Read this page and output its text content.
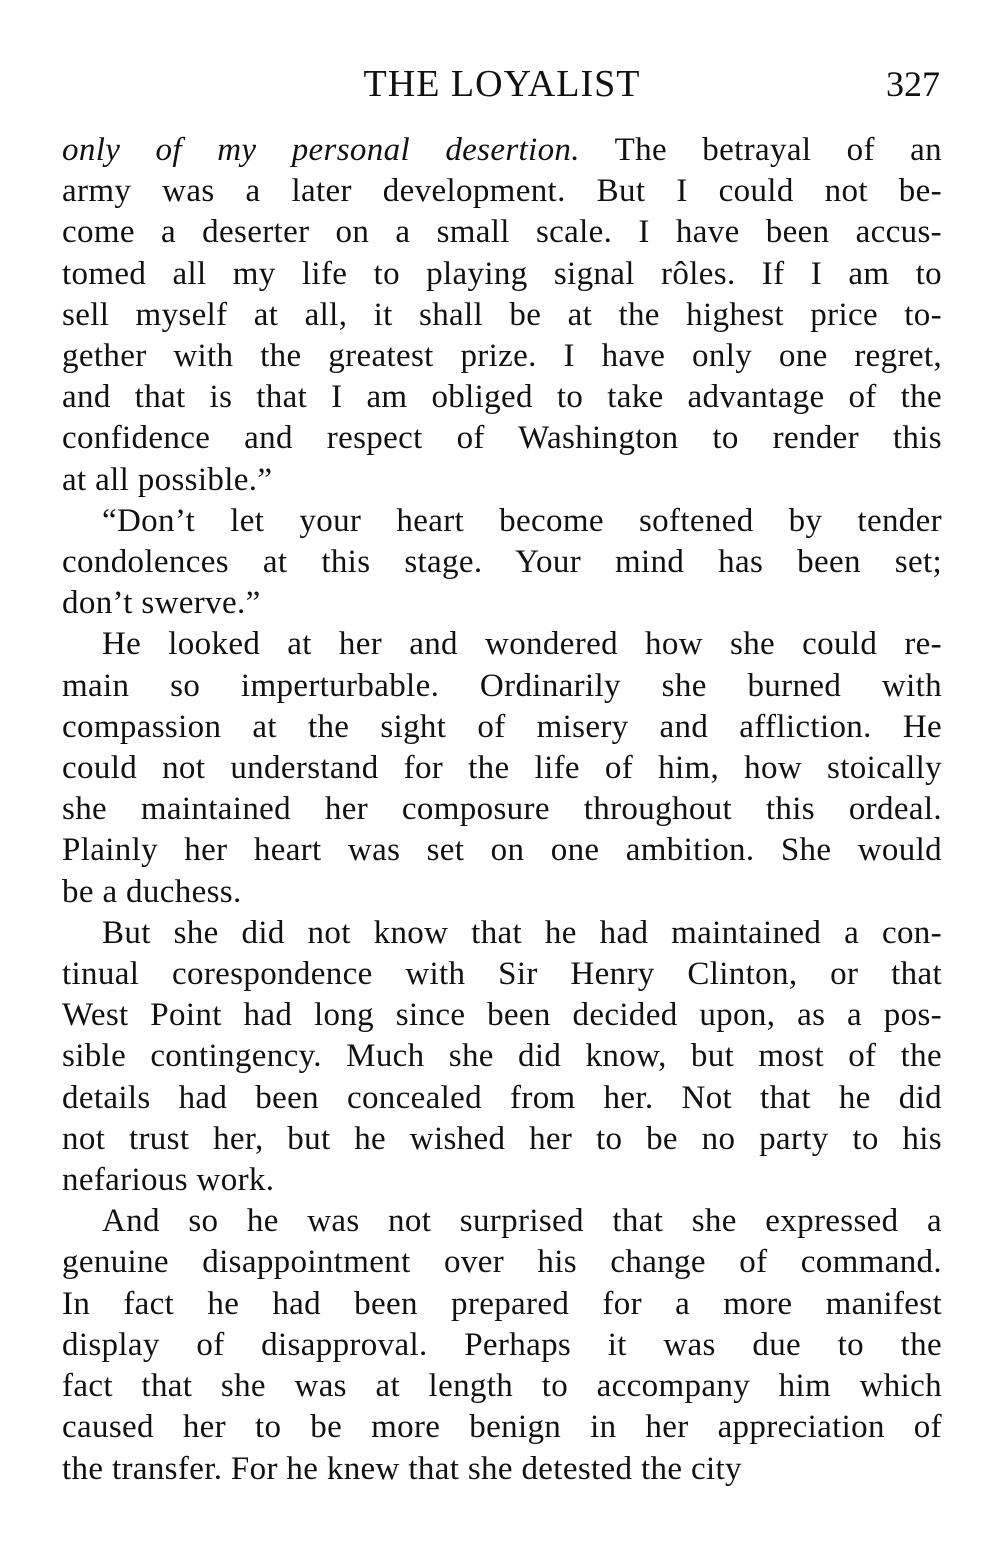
THE LOYALIST	327

only of my personal desertion. The betrayal of an
army was a later development. But I could not be-
come a deserter on a small scale. I have been accus-
tomed all my life to playing signal rôles. If I am to
sell myself at all, it shall be at the highest price to-
gether with the greatest prize. I have only one regret,
and that is that I am obliged to take advantage of the
confidence and respect of Washington to render this
at all possible.”

“Don’t let your heart become softened by tender
condolences at this stage. Your mind has been set;
don’t swerve.”

He looked at her and wondered how she could re-
main so imperturbable. Ordinarily she burned with
compassion at the sight of misery and affliction. He
could not understand for the life of him, how stoically
she maintained her composure throughout this ordeal.
Plainly her heart was set on one ambition. She would
be a duchess.

But she did not know that he had maintained a con-
tinual corespondence with Sir Henry Clinton, or that
West Point had long since been decided upon, as a pos-
sible contingency. Much she did know, but most of the
details had been concealed from her. Not that he did
not trust her, but he wished her to be no party to his
nefarious work.

And so he was not surprised that she expressed a
genuine disappointment over his change of command.
In fact he had been prepared for a more manifest
display of disapproval. Perhaps it was due to the
fact that she was at length to accompany him which
caused her to be more benign in her appreciation of
the transfer. For he knew that she detested the city
